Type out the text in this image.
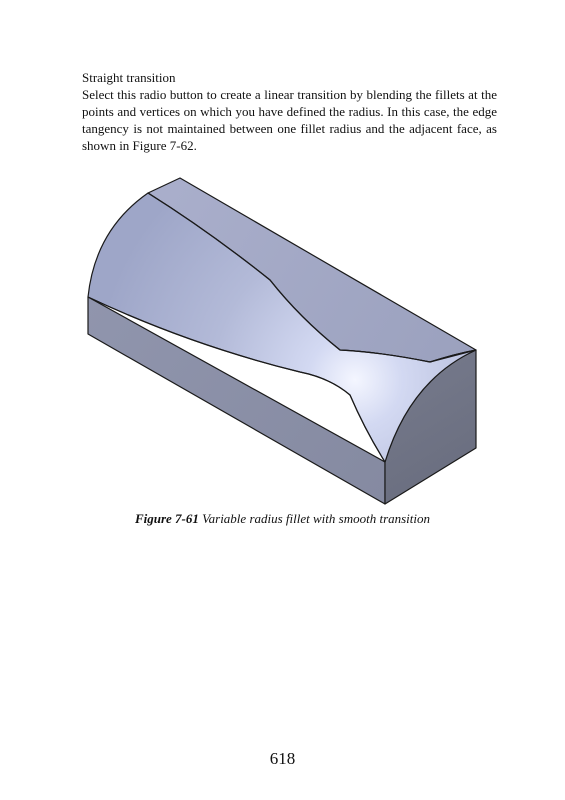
Straight transition
Select this radio button to create a linear transition by blending the fillets at the points and vertices on which you have defined the radius. In this case, the edge tangency is not maintained between one fillet radius and the adjacent face, as shown in Figure 7-62.
Figure 7-61 Variable radius fillet with smooth transition
618
